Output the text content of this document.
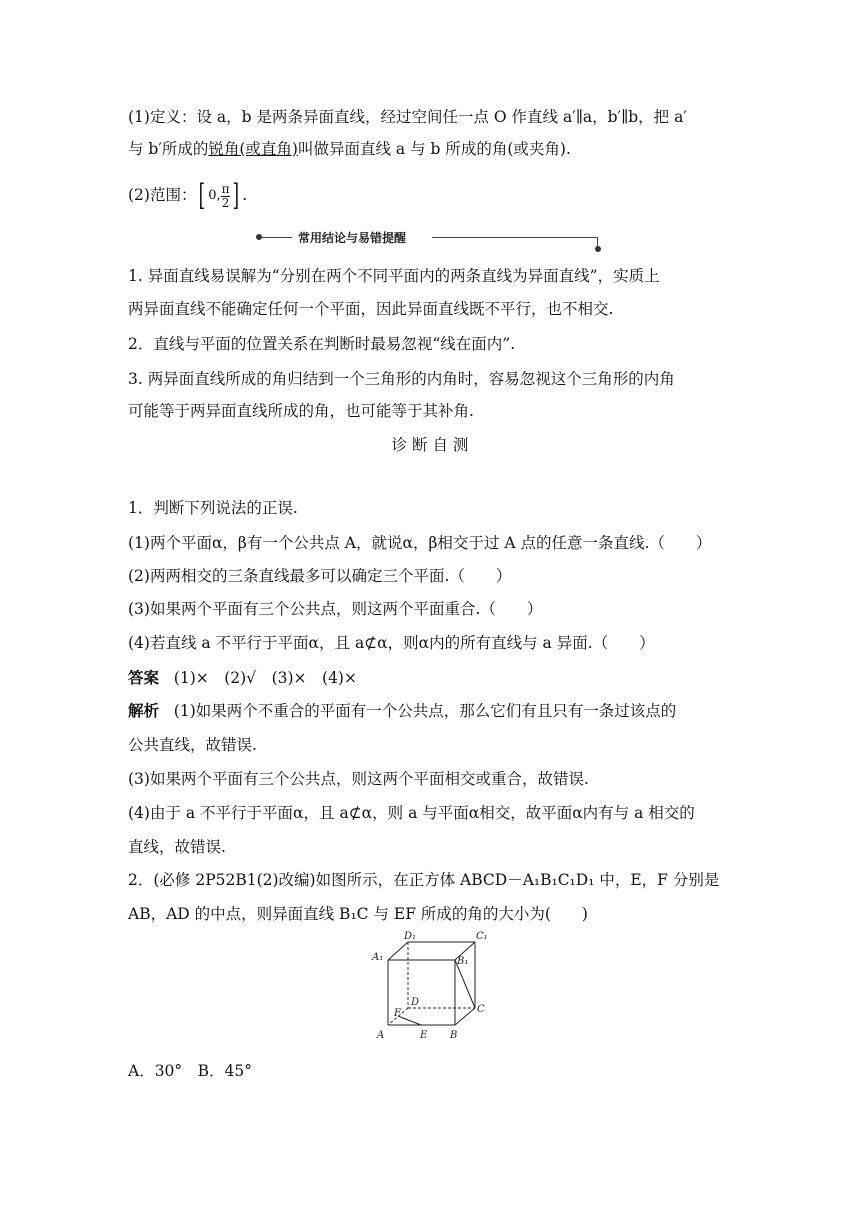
(1)定义：设 a，b 是两条异面直线，经过空间任一点 O 作直线 a′∥a，b′∥b，把 a′
与 b′所成的锐角(或直角)叫做异面直线 a 与 b 所成的角(或夹角).
(2)范围：[ 0, $\frac{\pi}{2}$ ] .
常用结论与易错提醒
1. 异面直线易误解为“分别在两个不同平面内的两条直线为异面直线”，实质上
两异面直线不能确定任何一个平面，因此异面直线既不平行，也不相交.
2．直线与平面的位置关系在判断时最易忽视“线在面内”.
3. 两异面直线所成的角归结到一个三角形的内角时，容易忽视这个三角形的内角
可能等于两异面直线所成的角，也可能等于其补角.
诊 断 自 测
1．判断下列说法的正误.
(1)两个平面α，β有一个公共点 A，就说α，β相交于过 A 点的任意一条直线.（　　）
(2)两两相交的三条直线最多可以确定三个平面.（　　）
(3)如果两个平面有三个公共点，则这两个平面重合.（　　）
(4)若直线 a 不平行于平面α，且 a⊄α，则α内的所有直线与 a 异面.（　　）
答案 (1)×　(2)√　(3)×　(4)×
解析 (1)如果两个不重合的平面有一个公共点，那么它们有且只有一条过该点的
公共直线，故错误.
(3)如果两个平面有三个公共点，则这两个平面相交或重合，故错误.
(4)由于 a 不平行于平面α，且 a⊄α，则 a 与平面α相交，故平面α内有与 a 相交的
直线，故错误.
2．(必修 2P52B1(2)改编)如图所示，在正方体 ABCD－A₁B₁C₁D₁ 中，E，F 分别是
AB，AD 的中点，则异面直线 B₁C 与 EF 所成的角的大小为(　　)
D₁	C₁
A₁	B₁
D
C
F
A	E B
A．30°　B．45°
